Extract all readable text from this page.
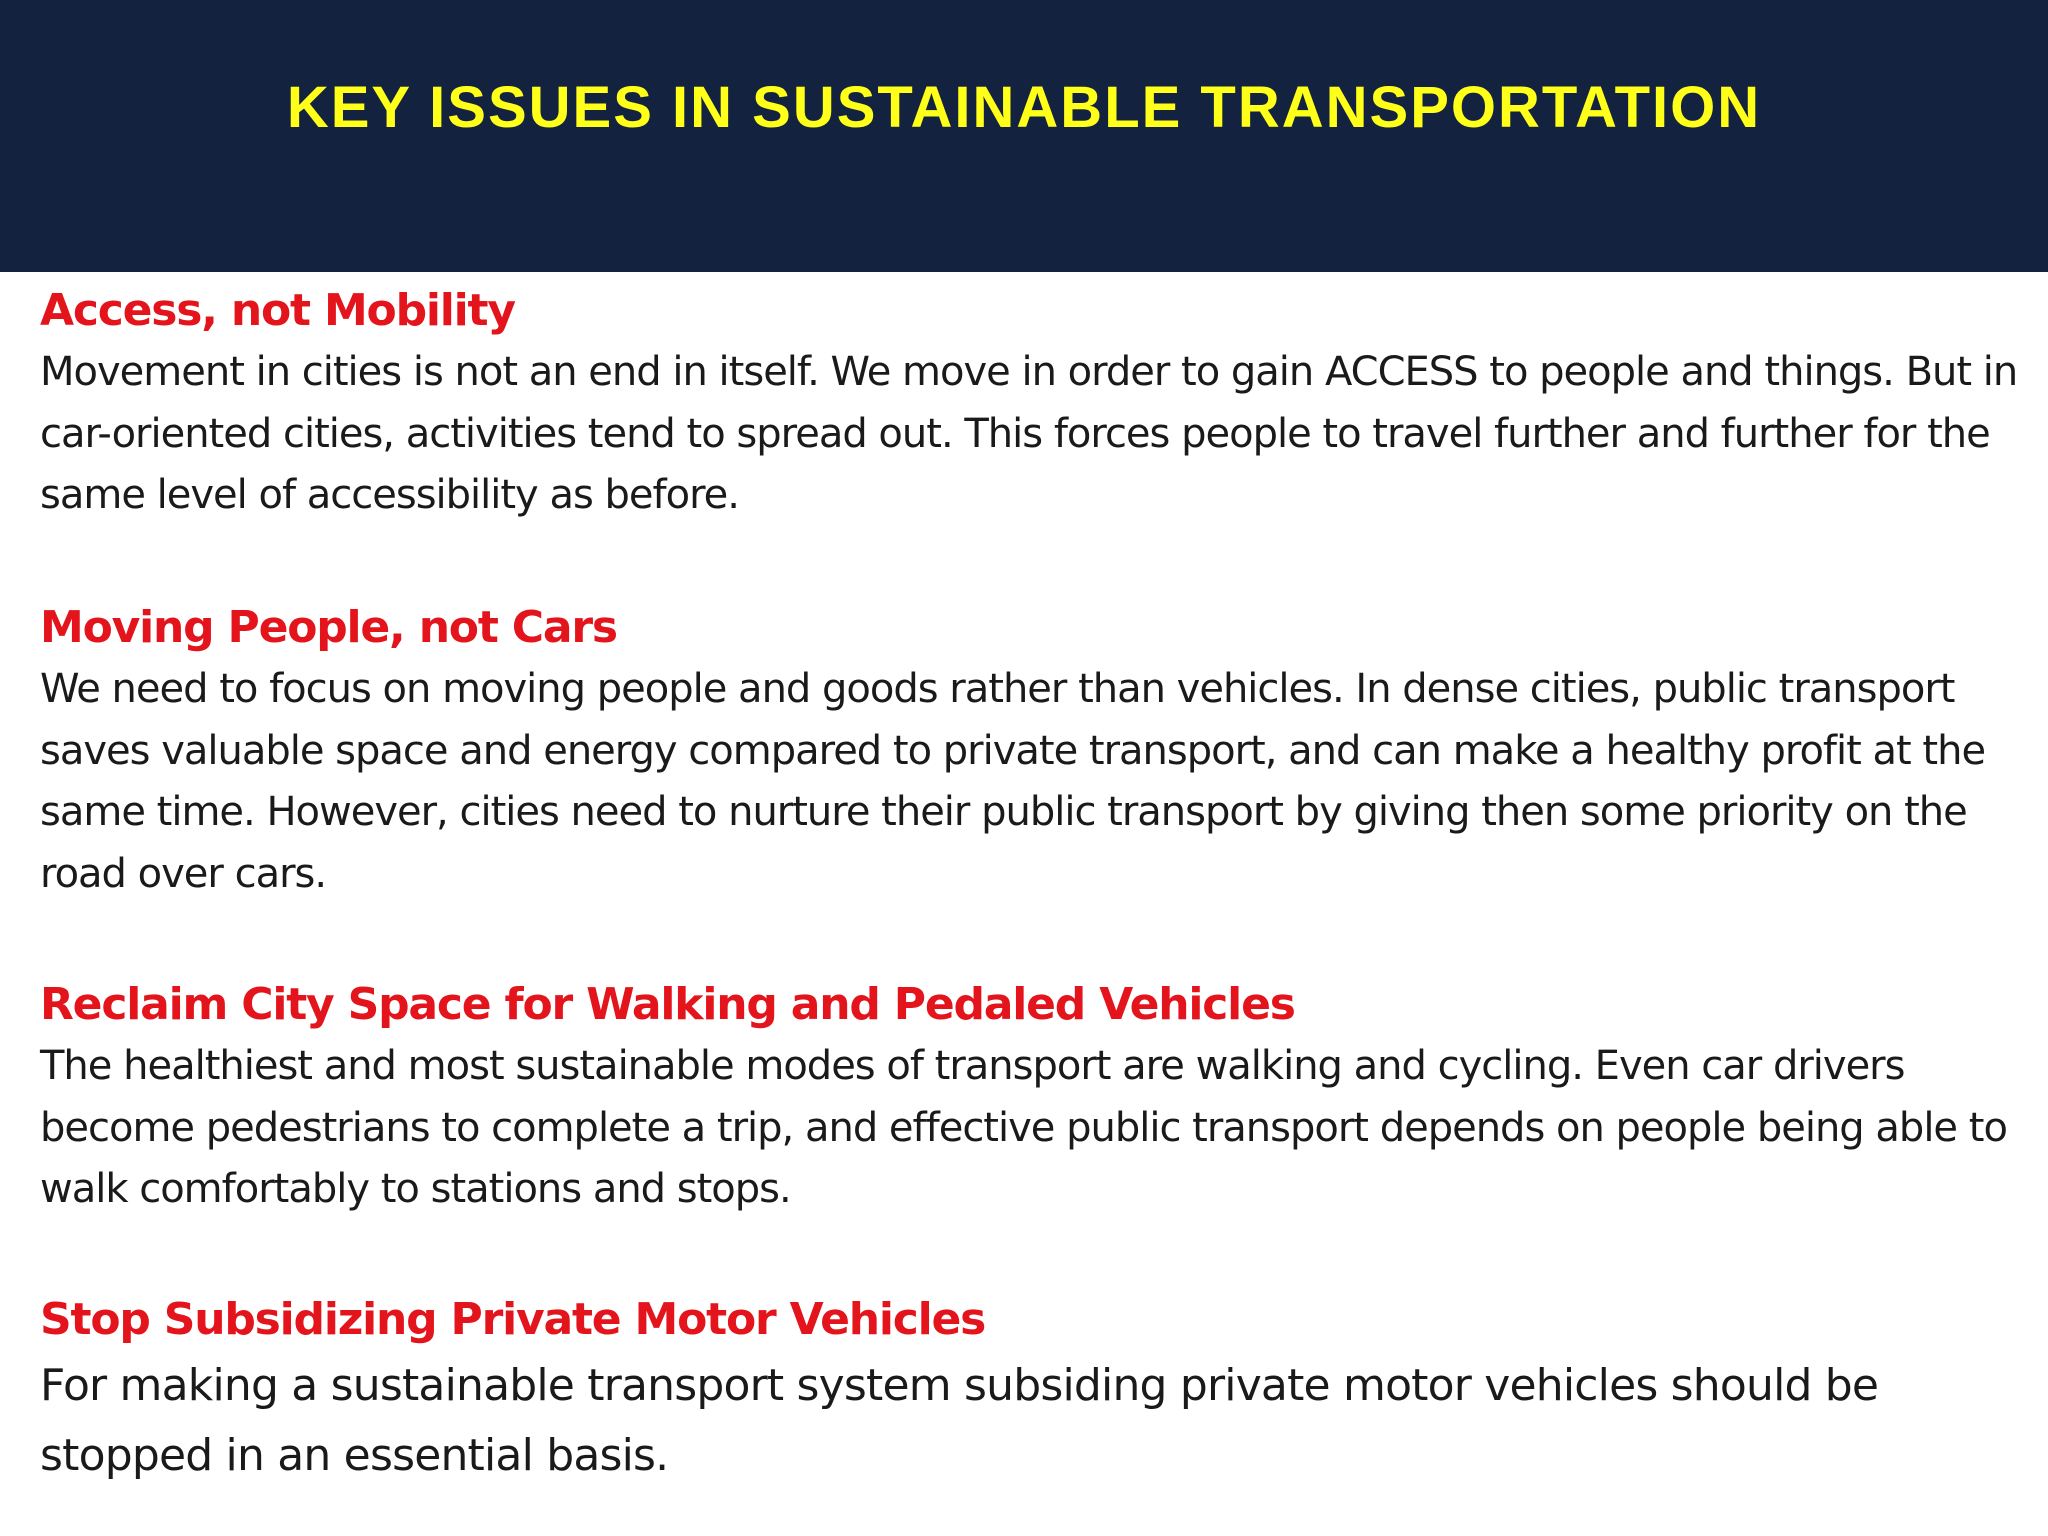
KEY ISSUES IN SUSTAINABLE TRANSPORTATION
Access, not Mobility
Movement in cities is not an end in itself. We move in order to gain ACCESS to people and things. But in car-oriented cities, activities tend to spread out. This forces people to travel further and further for the same level of accessibility as before.
Moving People, not Cars
We need to focus on moving people and goods rather than vehicles. In dense cities, public transport saves valuable space and energy compared to private transport, and can make a healthy profit at the same time. However, cities need to nurture their public transport by giving then some priority on the road over cars.
Reclaim City Space for Walking and Pedaled Vehicles
The healthiest and most sustainable modes of transport are walking and cycling. Even car drivers become pedestrians to complete a trip, and effective public transport depends on people being able to walk comfortably to stations and stops.
Stop Subsidizing Private Motor Vehicles
For making a sustainable transport system subsiding private motor vehicles should be stopped in an essential basis.
